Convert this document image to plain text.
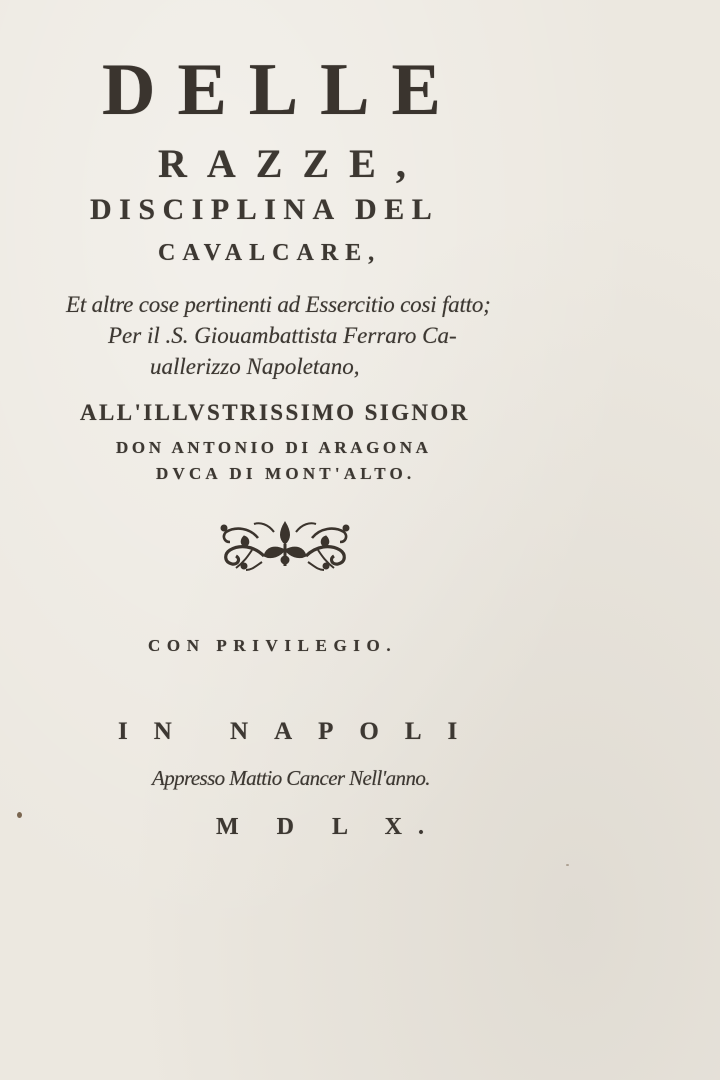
DELLE
RAZZE,
DISCIPLINA DEL
CAVALCARE,
Et altre cose pertinenti ad Essercitio cosi fatto;
Per il .S. Giouambattista Ferraro Ca-
uallerizzo Napoletano,
ALL'ILLVSTRISSIMO SIGNOR
DON ANTONIO DI ARAGONA
DVCA DI MONT'ALTO.
CON PRIVILEGIO.
IN NAPOLI
Appresso Mattio Cancer Nell'anno.
M D L X.
